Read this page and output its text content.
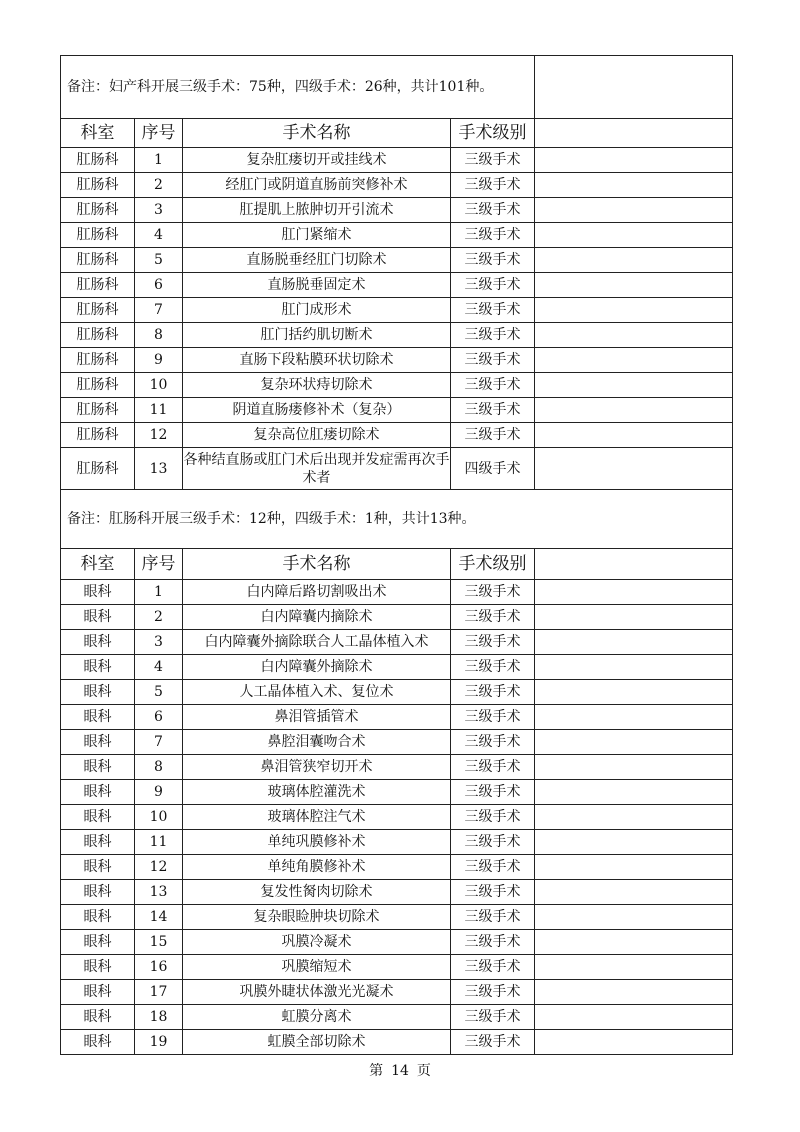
备注：妇产科开展三级手术：75种，四级手术：26种，共计101种。				
科室	序号	手术名称	手术级别	
肛肠科	1	复杂肛瘘切开或挂线术	三级手术	
肛肠科	2	经肛门或阴道直肠前突修补术	三级手术	
肛肠科	3	肛提肌上脓肿切开引流术	三级手术	
肛肠科	4	肛门紧缩术	三级手术	
肛肠科	5	直肠脱垂经肛门切除术	三级手术	
肛肠科	6	直肠脱垂固定术	三级手术	
肛肠科	7	肛门成形术	三级手术	
肛肠科	8	肛门括约肌切断术	三级手术	
肛肠科	9	直肠下段粘膜环状切除术	三级手术	
肛肠科	10	复杂环状痔切除术	三级手术	
肛肠科	11	阴道直肠瘘修补术（复杂）	三级手术	
肛肠科	12	复杂高位肛瘘切除术	三级手术	
肛肠科	13	各种结直肠或肛门术后出现并发症需再次手术者	四级手术	
备注：肛肠科开展三级手术：12种，四级手术：1种，共计13种。				
科室	序号	手术名称	手术级别	
眼科	1	白内障后路切割吸出术	三级手术	
眼科	2	白内障囊内摘除术	三级手术	
眼科	3	白内障囊外摘除联合人工晶体植入术	三级手术	
眼科	4	白内障囊外摘除术	三级手术	
眼科	5	人工晶体植入术、复位术	三级手术	
眼科	6	鼻泪管插管术	三级手术	
眼科	7	鼻腔泪囊吻合术	三级手术	
眼科	8	鼻泪管狭窄切开术	三级手术	
眼科	9	玻璃体腔灌洗术	三级手术	
眼科	10	玻璃体腔注气术	三级手术	
眼科	11	单纯巩膜修补术	三级手术	
眼科	12	单纯角膜修补术	三级手术	
眼科	13	复发性胬肉切除术	三级手术	
眼科	14	复杂眼睑肿块切除术	三级手术	
眼科	15	巩膜冷凝术	三级手术	
眼科	16	巩膜缩短术	三级手术	
眼科	17	巩膜外睫状体激光光凝术	三级手术	
眼科	18	虹膜分离术	三级手术	
眼科	19	虹膜全部切除术	三级手术	
第 14 页
